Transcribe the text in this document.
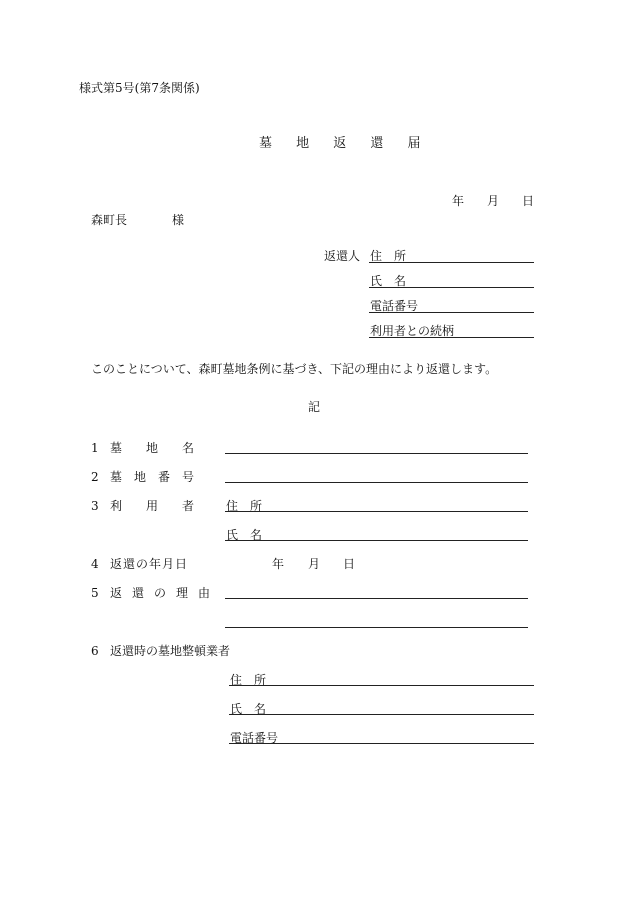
様式第5号(第7条関係)
墓 地 返 還 届
年 月 日
森町長	様
返還人 住　所
氏　名
電話番号
利用者との続柄
このことについて、森町墓地条例に基づき、下記の理由により返還します。
記
1 墓　　地　　名
2 墓　地　番　号
3 利　　用　　者	住　所
氏　名
4 返還の年月日	年 月 日
5 返　還　の　理　由
6 返還時の墓地整頓業者
住　所
氏　名
電話番号
